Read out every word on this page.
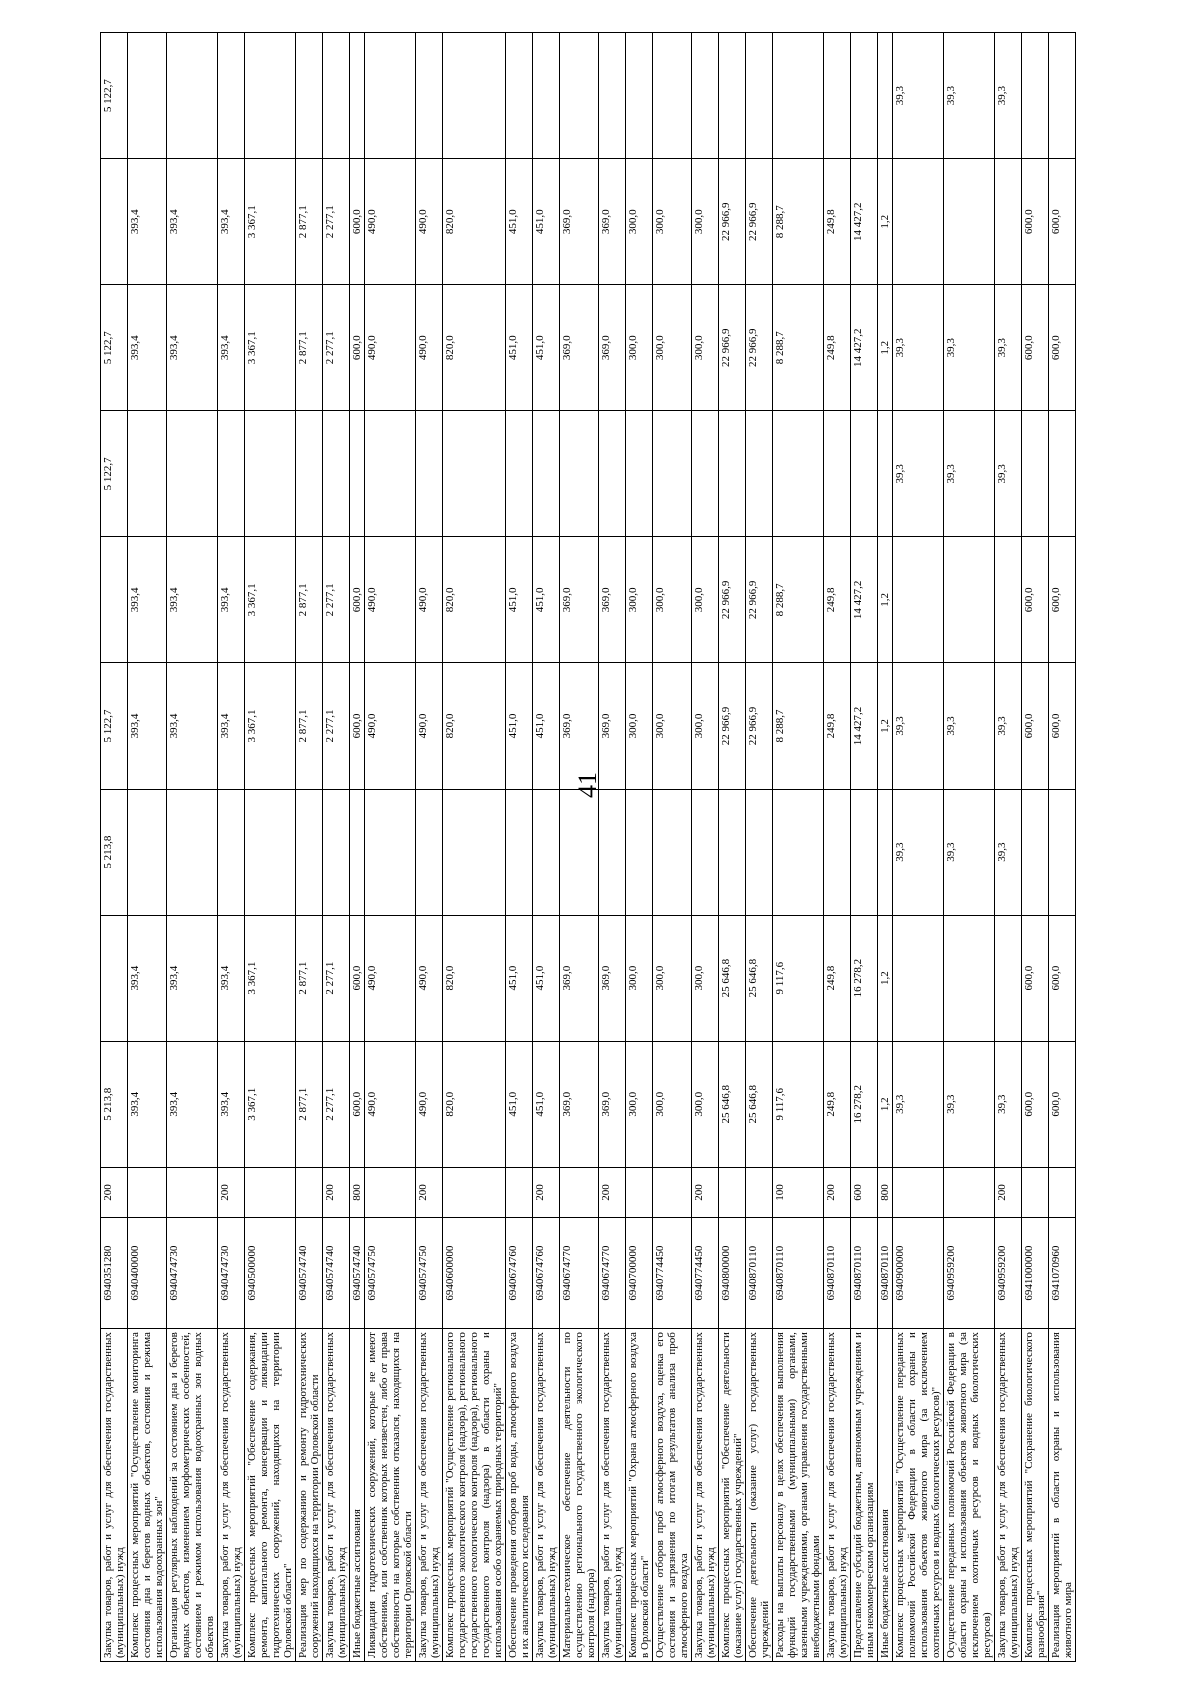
41
Закупка товаров, работ и услуг для обеспечения государственных (муниципальных) нужд	6940351280	200	5 213,8		5 213,8	5 122,7		5 122,7	5 122,7		5 122,7
Комплекс процессных мероприятий "Осуществление мониторинга состояния дна и берегов водных объектов, состояния и режима использования водоохранных зон"	6940400000		393,4	393,4		393,4	393,4		393,4	393,4	
Организация регулярных наблюдений за состоянием дна и берегов водных объектов, изменением морфометрических особенностей, состоянием и режимом использования водоохранных зон водных объектов	6940474730		393,4	393,4		393,4	393,4		393,4	393,4	
Закупка товаров, работ и услуг для обеспечения государственных (муниципальных) нужд	6940474730	200	393,4	393,4		393,4	393,4		393,4	393,4	
Комплекс процессных мероприятий "Обеспечение содержания, ремонта, капитального ремонта, консервации и ликвидации гидротехнических сооружений, находящихся на территории Орловской области"	6940500000		3 367,1	3 367,1		3 367,1	3 367,1		3 367,1	3 367,1	
Реализация мер по содержанию и ремонту гидротехнических сооружений находящихся на территории Орловской области	6940574740		2 877,1	2 877,1		2 877,1	2 877,1		2 877,1	2 877,1	
Закупка товаров, работ и услуг для обеспечения государственных (муниципальных) нужд	6940574740	200	2 277,1	2 277,1		2 277,1	2 277,1		2 277,1	2 277,1	
Иные бюджетные ассигнования	6940574740	800	600,0	600,0		600,0	600,0		600,0	600,0	
Ликвидация гидротехнических сооружений, которые не имеют собственника, или собственник которых неизвестен, либо от права собственности на которые собственник отказался, находящихся на территории Орловской области	6940574750		490,0	490,0		490,0	490,0		490,0	490,0	
Закупка товаров, работ и услуг для обеспечения государственных (муниципальных) нужд	6940574750	200	490,0	490,0		490,0	490,0		490,0	490,0	
Комплекс процессных мероприятий "Осуществление регионального государственного экологического контроля (надзора), регионального государственного геологического контроля (надзора), регионального государственного контроля (надзора) в области охраны и использования особо охраняемых природных территорий"	6940600000		820,0	820,0		820,0	820,0		820,0	820,0	
Обеспечение проведения отборов проб воды, атмосферного воздуха и их аналитического исследования	6940674760		451,0	451,0		451,0	451,0		451,0	451,0	
Закупка товаров, работ и услуг для обеспечения государственных (муниципальных) нужд	6940674760	200	451,0	451,0		451,0	451,0		451,0	451,0	
Материально-техническое обеспечение деятельности по осуществлению регионального государственного экологического контроля (надзора)	6940674770		369,0	369,0		369,0	369,0		369,0	369,0	
Закупка товаров, работ и услуг для обеспечения государственных (муниципальных) нужд	6940674770	200	369,0	369,0		369,0	369,0		369,0	369,0	
Комплекс процессных мероприятий "Охрана атмосферного воздуха в Орловской области"	6940700000		300,0	300,0		300,0	300,0		300,0	300,0	
Осуществление отборов проб атмосферного воздуха, оценка его состояния и загрязнения по итогам результатов анализа проб атмосферного воздуха	6940774450		300,0	300,0		300,0	300,0		300,0	300,0	
Закупка товаров, работ и услуг для обеспечения государственных (муниципальных) нужд	6940774450	200	300,0	300,0		300,0	300,0		300,0	300,0	
Комплекс процессных мероприятий "Обеспечение деятельности (оказание услуг) государственных учреждений"	6940800000		25 646,8	25 646,8		22 966,9	22 966,9		22 966,9	22 966,9	
Обеспечение деятельности (оказание услуг) государственных учреждений	6940870110		25 646,8	25 646,8		22 966,9	22 966,9		22 966,9	22 966,9	
Расходы на выплаты персоналу в целях обеспечения выполнения функций государственными (муниципальными) органами, казенными учреждениями, органами управления государственными внебюджетными фондами	6940870110	100	9 117,6	9 117,6		8 288,7	8 288,7		8 288,7	8 288,7	
Закупка товаров, работ и услуг для обеспечения государственных (муниципальных) нужд	6940870110	200	249,8	249,8		249,8	249,8		249,8	249,8	
Предоставление субсидий бюджетным, автономным учреждениям и иным некоммерческим организациям	6940870110	600	16 278,2	16 278,2		14 427,2	14 427,2		14 427,2	14 427,2	
Иные бюджетные ассигнования	6940870110	800	1,2	1,2		1,2	1,2		1,2	1,2	
Комплекс процессных мероприятий "Осуществление переданных полномочий Российской Федерации в области охраны и использования объектов животного мира (за исключением охотничьих ресурсов и водных биологических ресурсов)"	6940900000		39,3		39,3	39,3		39,3	39,3		39,3
Осуществление переданных полномочий Российской Федерации в области охраны и использования объектов животного мира (за исключением охотничьих ресурсов и водных биологических ресурсов)	6940959200		39,3		39,3	39,3		39,3	39,3		39,3
Закупка товаров, работ и услуг для обеспечения государственных (муниципальных) нужд	6940959200	200	39,3		39,3	39,3		39,3	39,3		39,3
Комплекс процессных мероприятий "Сохранение биологического разнообразия"	6941000000		600,0	600,0		600,0	600,0		600,0	600,0	
Реализация мероприятий в области охраны и использования животного мира	6941070960		600,0	600,0		600,0	600,0		600,0	600,0	
